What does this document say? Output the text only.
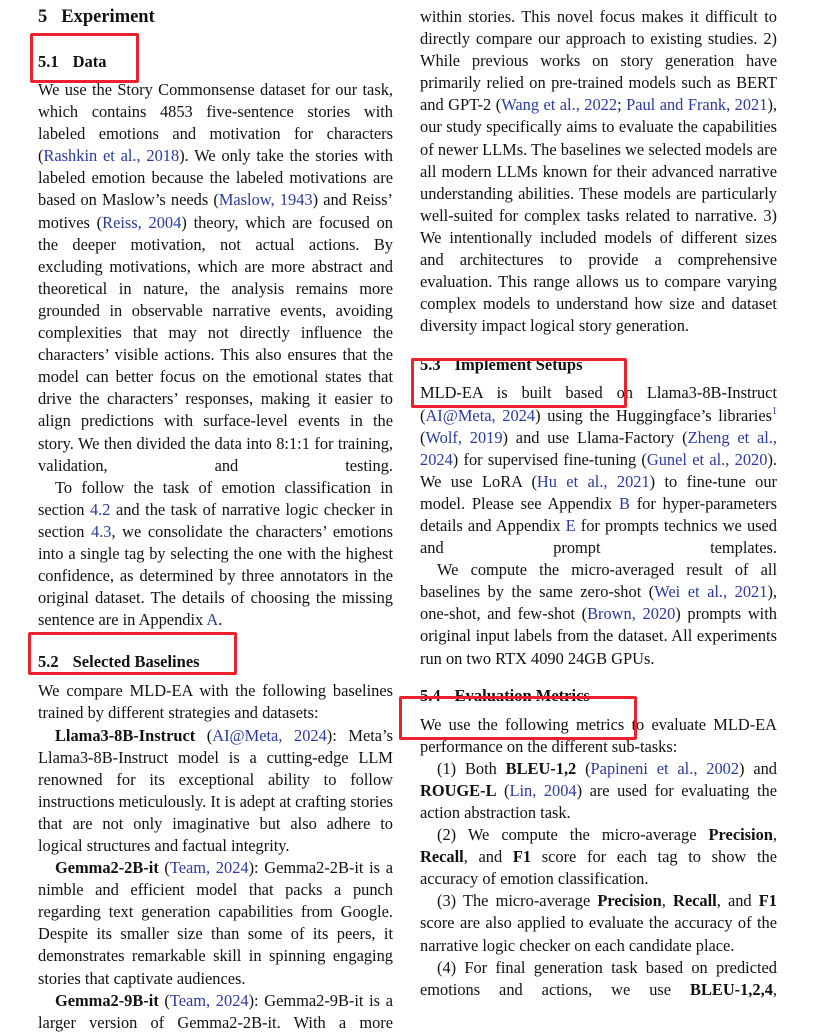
5 Experiment
5.1 Data

We use the Story Commonsense dataset for our task, which contains 4853 five-sentence stories with labeled emotions and motivation for characters (Rashkin et al., 2018). We only take the stories with labeled emotion because the labeled motivations are based on Maslow’s needs (Maslow, 1943) and Reiss’ motives (Reiss, 2004) theory, which are focused on the deeper motivation, not actual actions. By excluding motivations, which are more abstract and theoretical in nature, the analysis remains more grounded in observable narrative events, avoiding complexities that may not directly influence the characters’ visible actions. This also ensures that the model can better focus on the emotional states that drive the characters’ responses, making it easier to align predictions with surface-level events in the story. We then divided the data into 8:1:1 for training, validation, and testing.

To follow the task of emotion classification in section 4.2 and the task of narrative logic checker in section 4.3, we consolidate the characters’ emotions into a single tag by selecting the one with the highest confidence, as determined by three annotators in the original dataset. The details of choosing the missing sentence are in Appendix A.

5.2 Selected Baselines

We compare MLD-EA with the following baselines trained by different strategies and datasets:

Llama3-8B-Instruct (AI@Meta, 2024): Meta’s Llama3-8B-Instruct model is a cutting-edge LLM renowned for its exceptional ability to follow instructions meticulously. It is adept at crafting stories that are not only imaginative but also adhere to logical structures and factual integrity.

Gemma2-2B-it (Team, 2024): Gemma2-2B-it is a nimble and efficient model that packs a punch regarding text generation capabilities from Google. Despite its smaller size than some of its peers, it demonstrates remarkable skill in spinning engaging stories that captivate audiences.

Gemma2-9B-it (Team, 2024): Gemma2-9B-it is a larger version of Gemma2-2B-it. With a more

within stories. This novel focus makes it difficult to directly compare our approach to existing studies. 2) While previous works on story generation have primarily relied on pre-trained models such as BERT and GPT-2 (Wang et al., 2022; Paul and Frank, 2021), our study specifically aims to evaluate the capabilities of newer LLMs. The baselines we selected models are all modern LLMs known for their advanced narrative understanding abilities. These models are particularly well-suited for complex tasks related to narrative. 3) We intentionally included models of different sizes and architectures to provide a comprehensive evaluation. This range allows us to compare varying complex models to understand how size and dataset diversity impact logical story generation.

5.3 Implement Setups

MLD-EA is built based on Llama3-8B-Instruct (AI@Meta, 2024) using the Huggingface’s libraries$^1$ (Wolf, 2019) and use Llama-Factory (Zheng et al., 2024) for supervised fine-tuning (Gunel et al., 2020). We use LoRA (Hu et al., 2021) to fine-tune our model. Please see Appendix B for hyper-parameters details and Appendix E for prompts technics we used and prompt templates.

We compute the micro-averaged result of all baselines by the same zero-shot (Wei et al., 2021), one-shot, and few-shot (Brown, 2020) prompts with original input labels from the dataset. All experiments run on two RTX 4090 24GB GPUs.

5.4 Evaluation Metrics

We use the following metrics to evaluate MLD-EA performance on the different sub-tasks:

(1) Both BLEU-1,2 (Papineni et al., 2002) and ROUGE-L (Lin, 2004) are used for evaluating the action abstraction task.

(2) We compute the micro-average Precision, Recall, and F1 score for each tag to show the accuracy of emotion classification.

(3) The micro-average Precision, Recall, and F1 score are also applied to evaluate the accuracy of the narrative logic checker on each candidate place.

(4) For final generation task based on predicted emotions and actions, we use BLEU-1,2,4,
